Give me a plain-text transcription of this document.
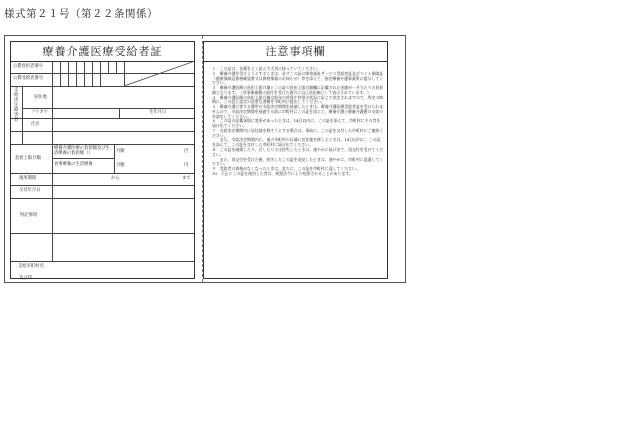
様式第２１号（第２２条関係）
療養介護医療受給者証
公費負担者番号
公費受給者番号
支給決定障害者
居住地
フリガナ	生年月日
氏名
負担上限月額
療養介護医療の負担額及び生活療養の負担額（）
食事療養の生活療養
月額	円
月額	円
適用期間	から	まで
交付年月日
特記事項
支給市町村名
及び印
注意事項欄
１　この証は、各薬をよく読んで大切に持っていてください。
２　療養介護を受けようとするときは、必ずこの証に障害福祉サービス受給者証及びマイナ保険証（健康保険証資格確認書又は資格情報のお知らせ）等を添えて、指定療養介護事業所に提示してください。
３　療養介護医療の負担上限月額とこの証の負担上限月額欄に記載された金額が一月当たりの負担額となります。（食事療養費の給付を受けた場合に自己負担額として表示されています。）
４　療養介護医療の負担上限月額は前年の所得や世帯の状況に応じて決定されますので、所定の時期に、この証と認定の必要な書類を市町村に提出してください。
５　療養介護に要する費用の支給決定期間を経過したときは、療養介護医療受給者証を受けられませんので、支給決定期間を経過する前に市町村にこの証を添えて、療養介護と療養介護費の支給の申請をしてください。
６　この証の記載事項に変更があったときは、14日以内に、この証を添えて、市町村にその旨を届け出てください。
７　支給決定期間内に居住地を移そうとする場合は、事前に、この証を交付した市町村にご連絡ください。
　　また、支給決定期間内に、他の市町村の区域に居住地を移したときは、14日以内に、この証を添えて、この証を交付した市町村に届け出てください。
８　この証を破損したり、汚したり又は紛失したときは、速やかに届け出て、再交付を受けてください。
　　また、再交付を受けた後、紛失したこの証を発見したときは、速やかに、市町村に返還してください。
９　受給者の資格がなくなったときは、直ちに、この証を市町村に返してください。
10　不正にこの証を使用した者は、刑罰法令により処罰されることがあります。
